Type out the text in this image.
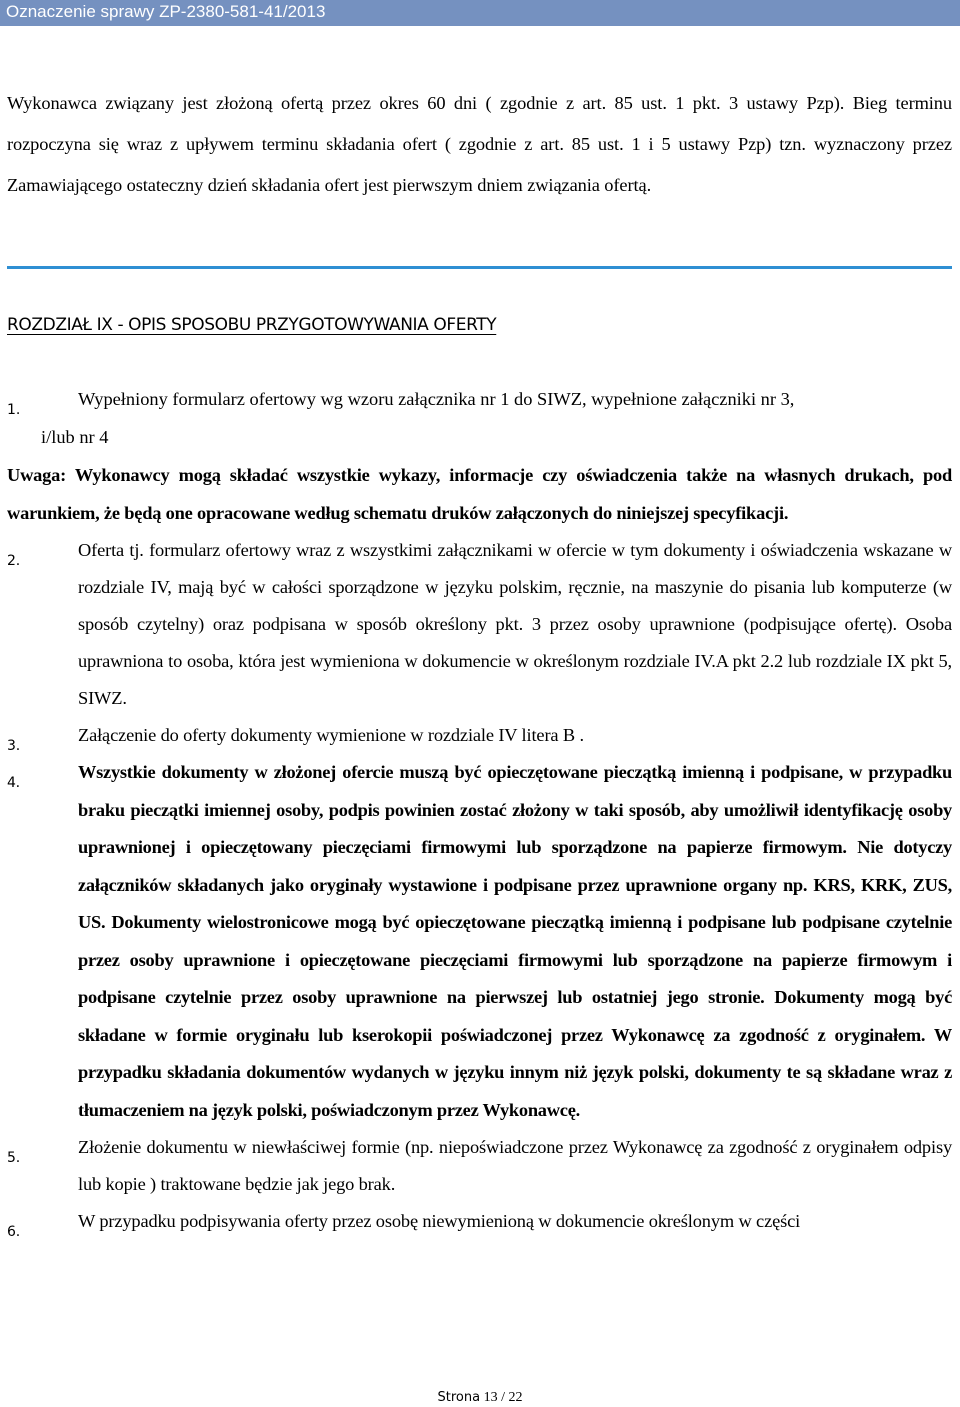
Oznaczenie sprawy ZP-2380-581-41/2013

Wykonawca związany jest złożoną ofertą przez okres 60 dni ( zgodnie z art. 85 ust. 1 pkt. 3 ustawy Pzp). Bieg terminu rozpoczyna się wraz z upływem terminu składania ofert ( zgodnie z art. 85 ust. 1 i 5 ustawy Pzp) tzn. wyznaczony przez Zamawiającego ostateczny dzień składania ofert jest pierwszym dniem związania ofertą.

ROZDZIAŁ IX - OPIS SPOSOBU PRZYGOTOWYWANIA OFERTY
1.
Wypełniony formularz ofertowy wg wzoru załącznika nr 1 do SIWZ, wypełnione załączniki nr 3,
i/lub nr 4

Uwaga: Wykonawcy mogą składać wszystkie wykazy, informacje czy oświadczenia także na własnych drukach, pod warunkiem, że będą one opracowane według schematu druków załączonych do niniejszej specyfikacji.

2.
Oferta tj. formularz ofertowy wraz z wszystkimi załącznikami w ofercie w tym dokumenty i oświadczenia wskazane w rozdziale IV, mają być w całości sporządzone w języku polskim, ręcznie, na maszynie do pisania lub komputerze (w sposób czytelny) oraz podpisana w sposób określony pkt. 3 przez osoby uprawnione (podpisujące ofertę). Osoba uprawniona to osoba, która jest wymieniona w dokumencie w określonym rozdziale IV.A pkt 2.2 lub rozdziale IX pkt 5, SIWZ.
3.
Załączenie do oferty dokumenty wymienione w rozdziale IV litera B .
4.
Wszystkie dokumenty w złożonej ofercie muszą być opieczętowane pieczątką imienną i podpisane, w przypadku braku pieczątki imiennej osoby, podpis powinien zostać złożony w taki sposób, aby umożliwił identyfikację osoby uprawnionej i opieczętowany pieczęciami firmowymi lub sporządzone na papierze firmowym. Nie dotyczy załączników składanych jako oryginały wystawione i podpisane przez uprawnione organy np. KRS, KRK, ZUS, US. Dokumenty wielostronicowe mogą być opieczętowane pieczątką imienną i podpisane lub podpisane czytelnie przez osoby uprawnione i opieczętowane pieczęciami firmowymi lub sporządzone na papierze firmowym i podpisane czytelnie przez osoby uprawnione na pierwszej lub ostatniej jego stronie. Dokumenty mogą być składane w formie oryginału lub kserokopii poświadczonej przez Wykonawcę za zgodność z oryginałem. W przypadku składania dokumentów wydanych w języku innym niż język polski, dokumenty te są składane wraz z tłumaczeniem na język polski, poświadczonym przez Wykonawcę.
5.
Złożenie dokumentu w niewłaściwej formie (np. niepoświadczone przez Wykonawcę za zgodność z oryginałem odpisy lub kopie ) traktowane będzie jak jego brak.
6.
W przypadku podpisywania oferty przez osobę niewymienioną w dokumencie określonym w części
Strona 13 / 22
